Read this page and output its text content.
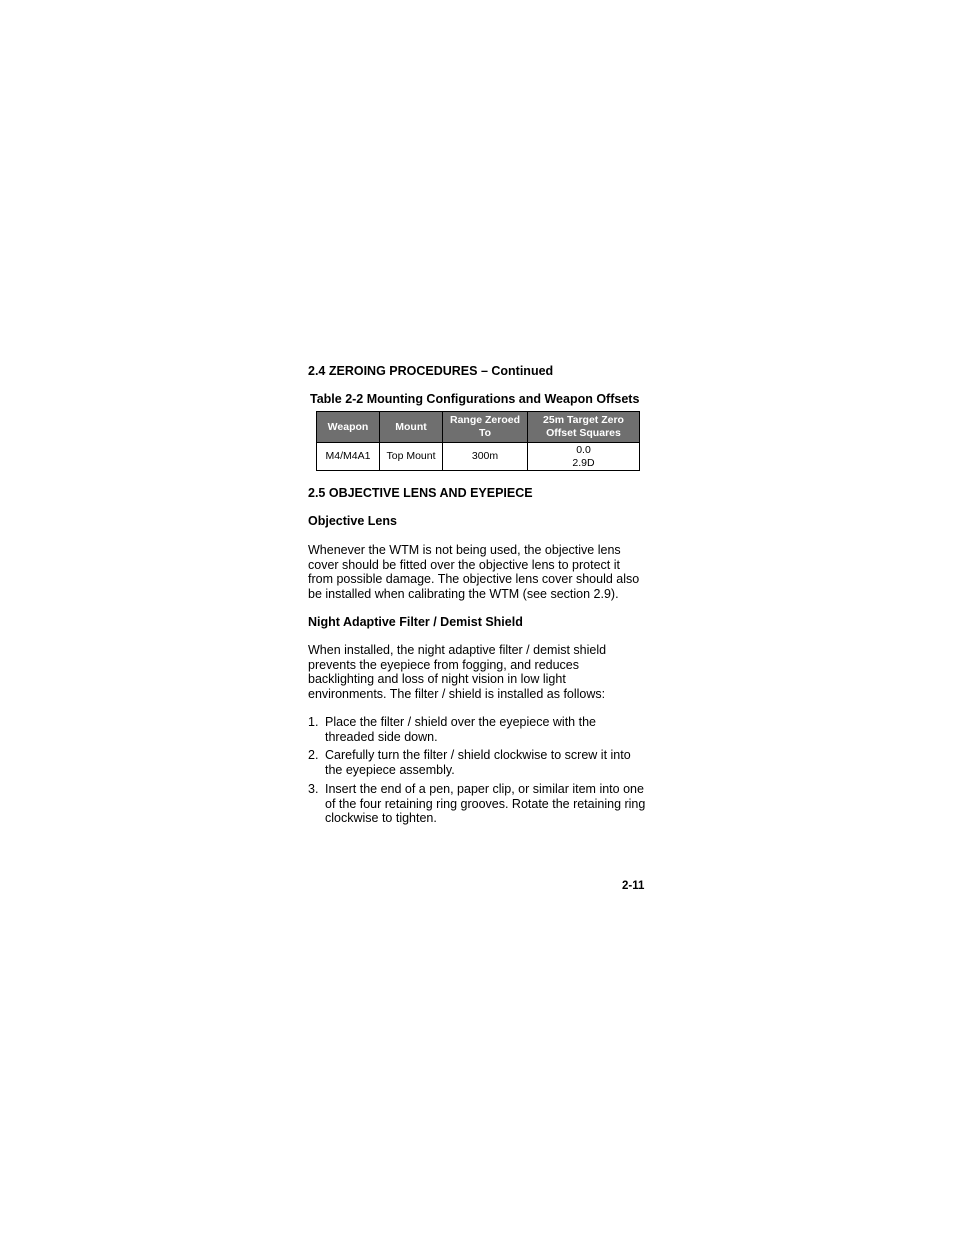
2.4 ZEROING PROCEDURES – Continued
Table 2-2 Mounting Configurations and Weapon Offsets
Weapon	Mount	Range Zeroed To	25m Target Zero Offset Squares
M4/M4A1	Top Mount	300m	0.0
2.9D
2.5 OBJECTIVE LENS AND EYEPIECE
Objective Lens
Whenever the WTM is not being used, the objective lens cover should be fitted over the objective lens to protect it from possible damage. The objective lens cover should also be installed when calibrating the WTM (see section 2.9).
Night Adaptive Filter / Demist Shield
When installed, the night adaptive filter / demist shield prevents the eyepiece from fogging, and reduces backlighting and loss of night vision in low light environments. The filter / shield is installed as follows:
1. Place the filter / shield over the eyepiece with the threaded side down.
2. Carefully turn the filter / shield clockwise to screw it into the eyepiece assembly.
3. Insert the end of a pen, paper clip, or similar item into one of the four retaining ring grooves. Rotate the retaining ring clockwise to tighten.
2-11
